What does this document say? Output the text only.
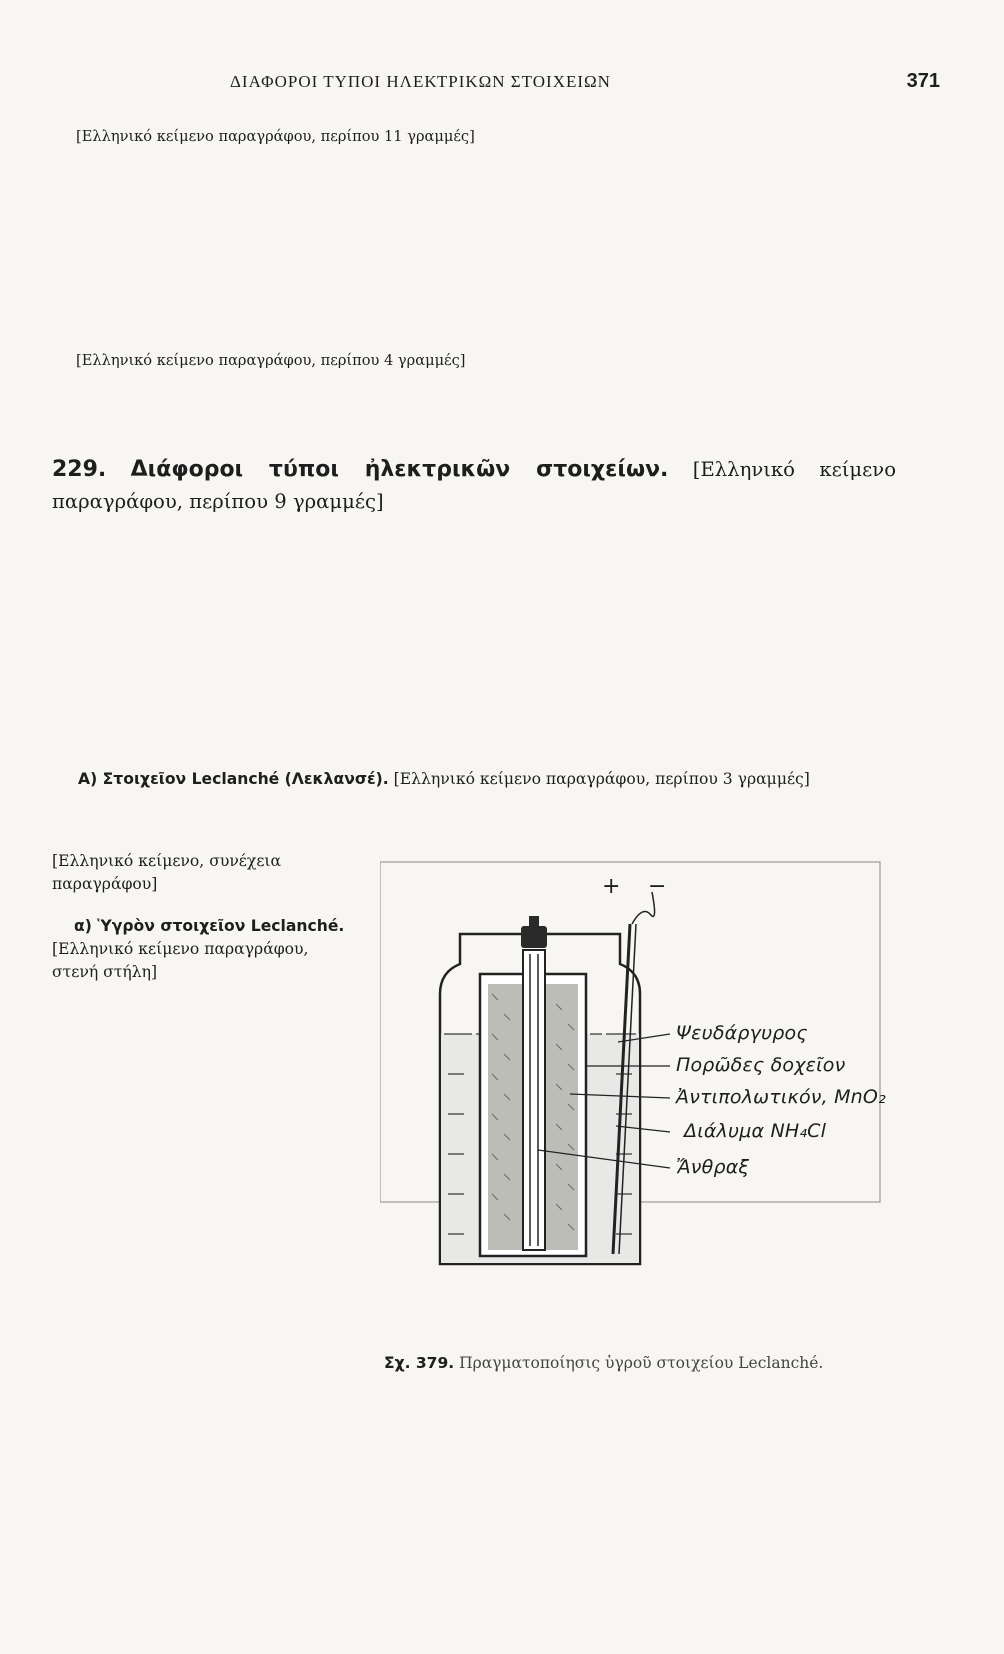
ΔΙΑΦΟΡΟΙ ΤΥΠΟΙ ΗΛΕΚΤΡΙΚΩΝ ΣΤΟΙΧΕΙΩΝ	371
[Ελληνικό κείμενο παραγράφου, περίπου 11 γραμμές]
[Ελληνικό κείμενο παραγράφου, περίπου 4 γραμμές]
229. Διάφοροι τύποι ἠλεκτρικῶν στοιχείων. [Ελληνικό κείμενο παραγράφου, περίπου 9 γραμμές]
A) Στοιχεῖον Leclanché (Λεκλανσέ). [Ελληνικό κείμενο παραγράφου, περίπου 3 γραμμές]

[Ελληνικό κείμενο, συνέχεια παραγράφου]

α) Ὑγρὸν στοιχεῖον Leclanché. [Ελληνικό κείμενο παραγράφου, στενή στήλη]

+ −
Ψευδάργυρος
Πορῶδες δοχεῖον
Ἀντιπολωτικόν, MnO₂
Διάλυμα NH₄Cl
Ἄνθραξ
Σχ. 379. Πραγματοποίησις ὑγροῦ στοιχείου Leclanché.
